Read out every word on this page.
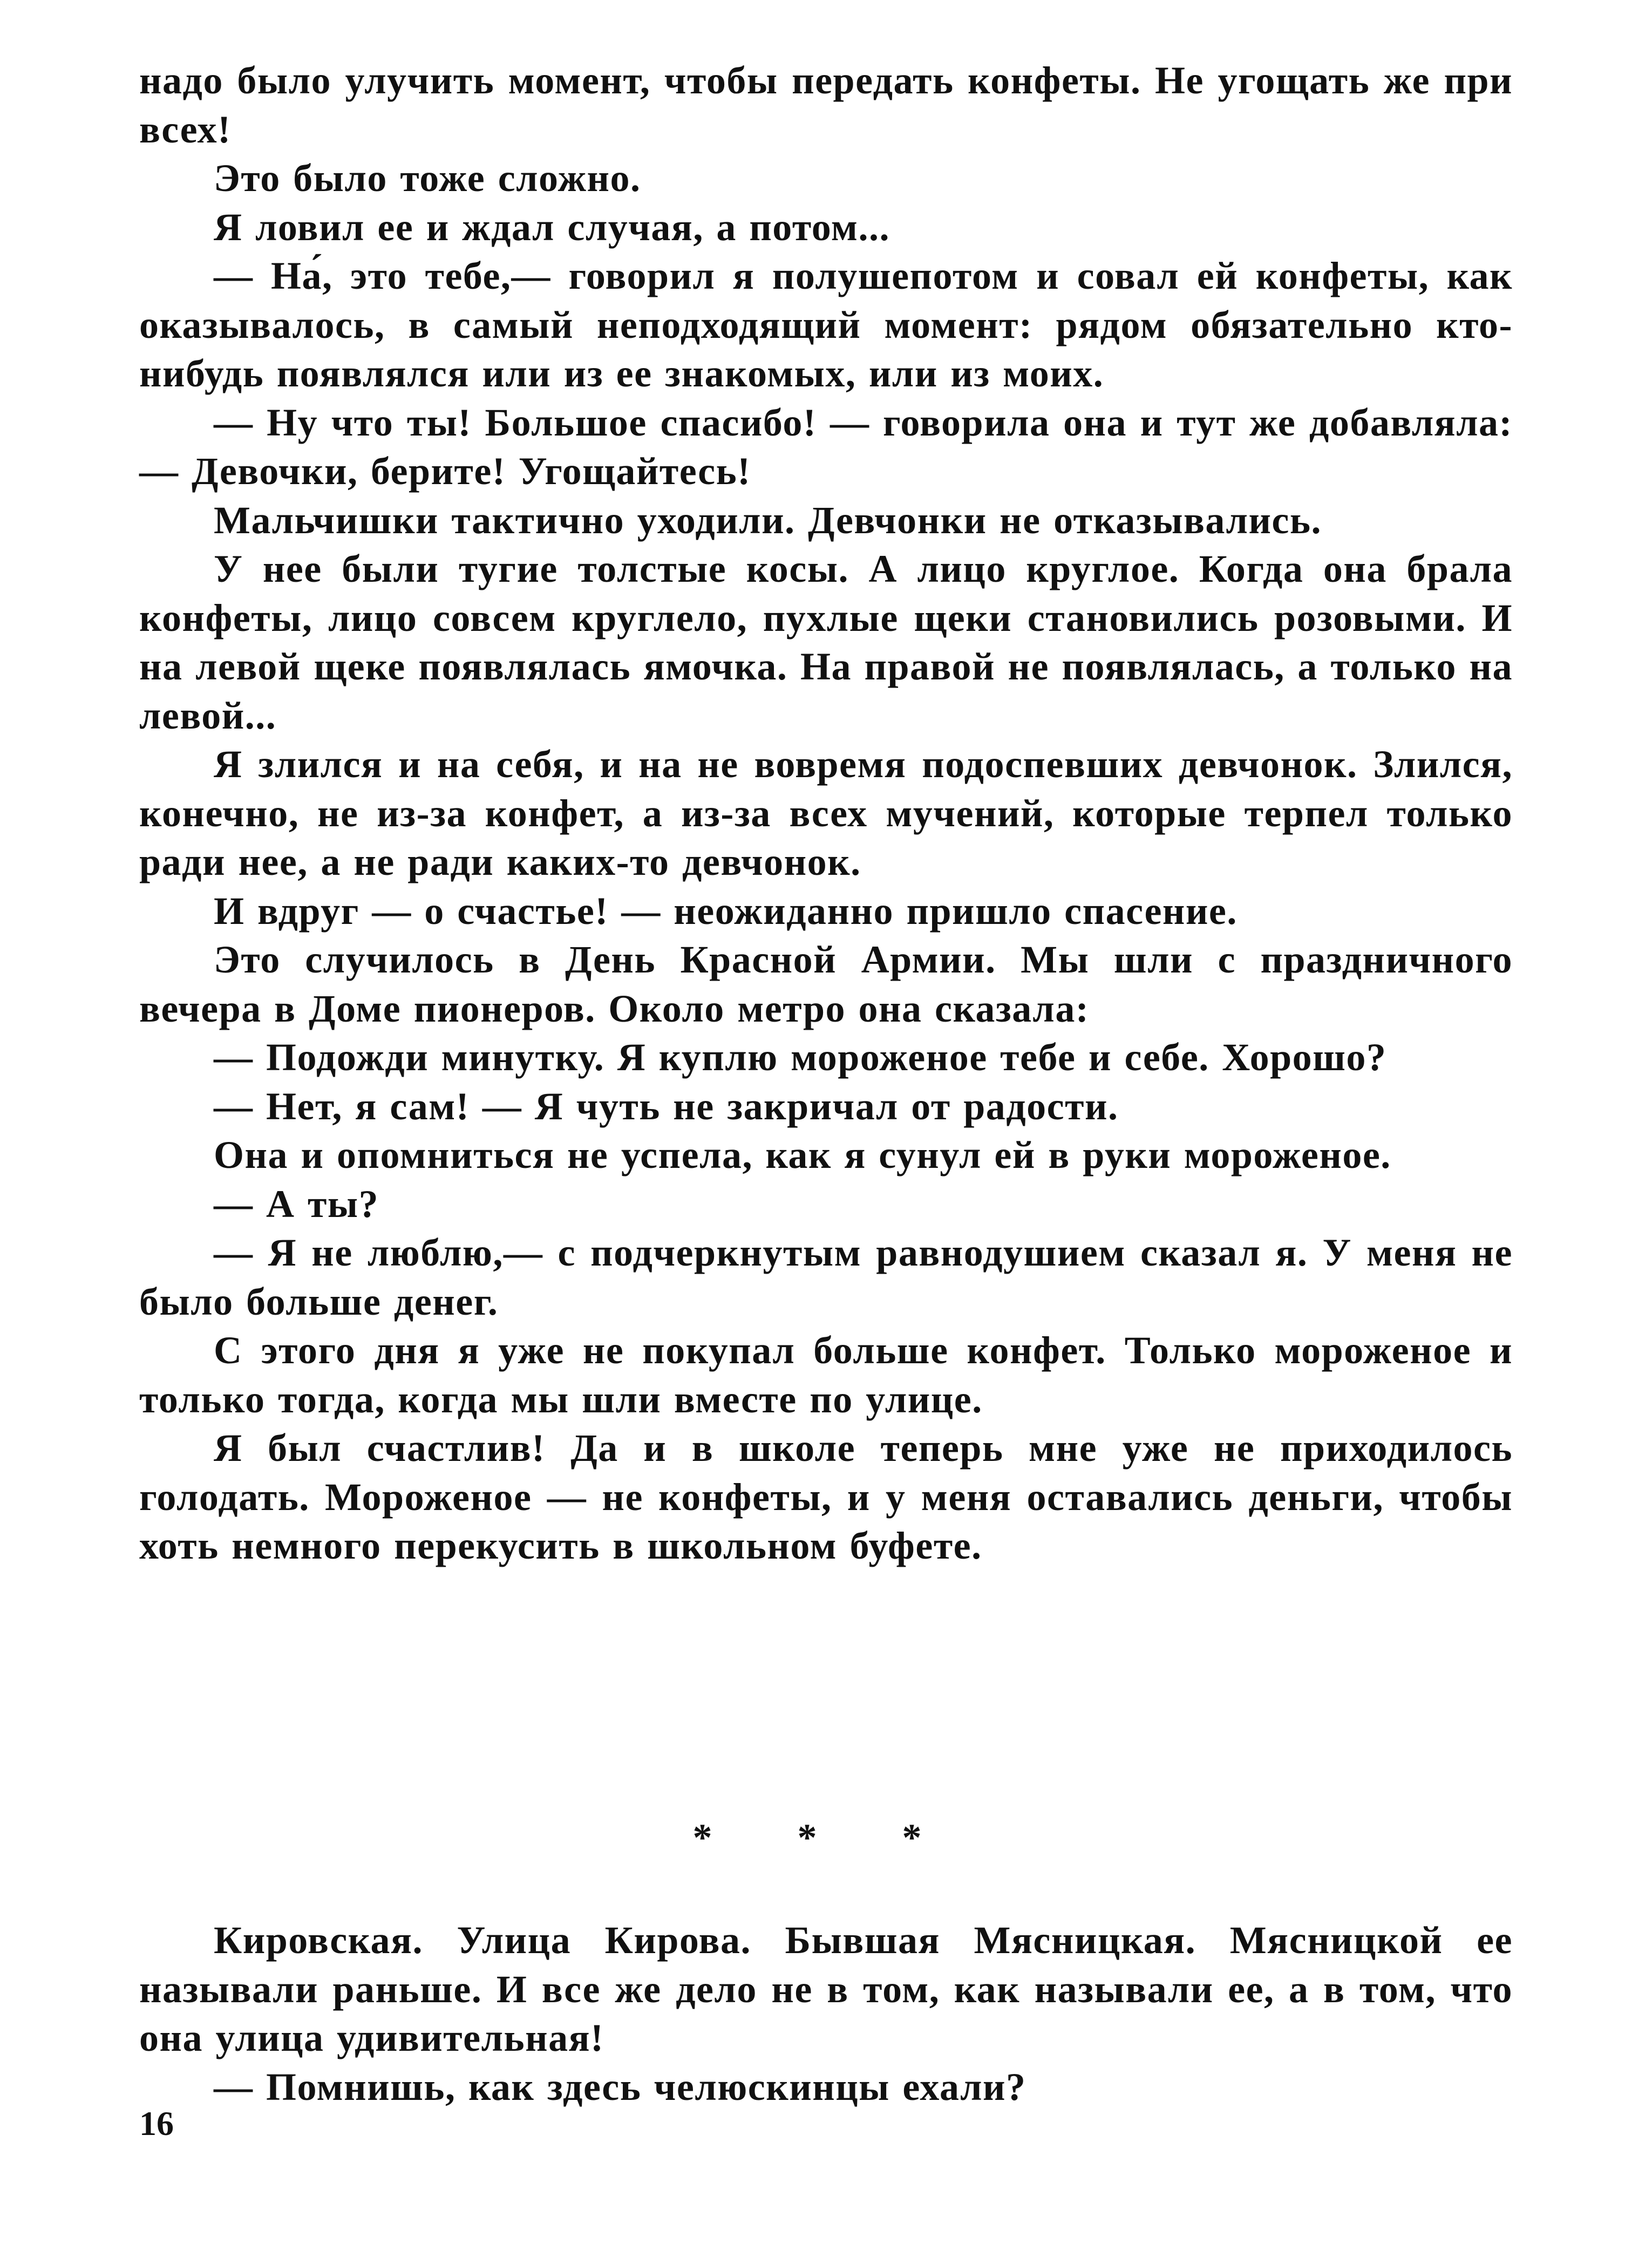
надо было улучить момент, чтобы передать конфеты. Не угощать же при всех!

Это было тоже сложно.

Я ловил ее и ждал случая, а потом...

— На́, это тебе,— говорил я полушепотом и совал ей конфеты, как оказывалось, в самый неподходящий момент: рядом обязательно кто-нибудь появлялся или из ее знакомых, или из моих.

— Ну что ты! Большое спасибо! — говорила она и тут же добавляла: — Девочки, берите! Угощайтесь!

Мальчишки тактично уходили. Девчонки не отказывались.

У нее были тугие толстые косы. А лицо круглое. Когда она брала конфеты, лицо совсем круглело, пухлые щеки становились розовыми. И на левой щеке появлялась ямочка. На правой не появлялась, а только на левой...

Я злился и на себя, и на не вовремя подоспевших девчонок. Злился, конечно, не из-за конфет, а из-за всех мучений, которые терпел только ради нее, а не ради каких-то девчонок.

И вдруг — о счастье! — неожиданно пришло спасение.

Это случилось в День Красной Армии. Мы шли с праздничного вечера в Доме пионеров. Около метро она сказала:

— Подожди минутку. Я куплю мороженое тебе и себе. Хорошо?

— Нет, я сам! — Я чуть не закричал от радости.

Она и опомниться не успела, как я сунул ей в руки мороженое.

— А ты?

— Я не люблю,— с подчеркнутым равнодушием сказал я. У меня не было больше денег.

С этого дня я уже не покупал больше конфет. Только мороженое и только тогда, когда мы шли вместе по улице.

Я был счастлив! Да и в школе теперь мне уже не приходилось голодать. Мороженое — не конфеты, и у меня оставались деньги, чтобы хоть немного перекусить в школьном буфете.

* * *

Кировская. Улица Кирова. Бывшая Мясницкая. Мясницкой ее называли раньше. И все же дело не в том, как называли ее, а в том, что она улица удивительная!

— Помнишь, как здесь челюскинцы ехали?

16
